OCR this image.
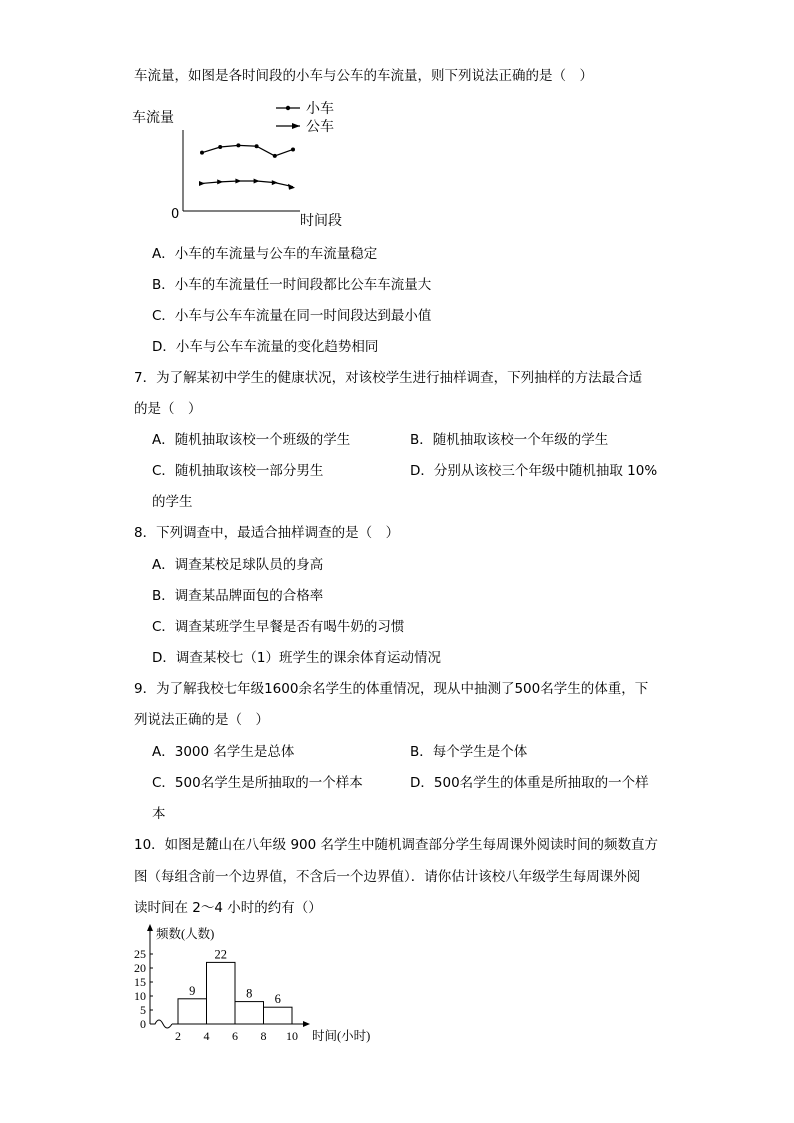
车流量，如图是各时间段的小车与公车的车流量，则下列说法正确的是（　）
车流量
0	时间段
小车
公车
A．小车的车流量与公车的车流量稳定
B．小车的车流量任一时间段都比公车车流量大
C．小车与公车车流量在同一时间段达到最小值
D．小车与公车车流量的变化趋势相同
7．为了解某初中学生的健康状况，对该校学生进行抽样调查，下列抽样的方法最合适
的是（　）
A．随机抽取该校一个班级的学生	B．随机抽取该校一个年级的学生
C．随机抽取该校一部分男生	D．分别从该校三个年级中随机抽取 10%
的学生
8．下列调查中，最适合抽样调查的是（　）
A．调查某校足球队员的身高
B．调查某品牌面包的合格率
C．调查某班学生早餐是否有喝牛奶的习惯
D．调查某校七（1）班学生的课余体育运动情况
9．为了解我校七年级1600余名学生的体重情况，现从中抽测了500名学生的体重，下
列说法正确的是（　）
A．3000 名学生是总体	B．每个学生是个体
C．500名学生是所抽取的一个样本	D．500名学生的体重是所抽取的一个样
本
10．如图是麓山在八年级 900 名学生中随机调查部分学生每周课外阅读时间的频数直方
图（每组含前一个边界值，不含后一个边界值）．请你估计该校八年级学生每周课外阅
读时间在 2～4 小时的约有（）
频数(人数)
时间(小时)
0
5
10
15
20
25
2 4 6 8 10
9
22
8 6
